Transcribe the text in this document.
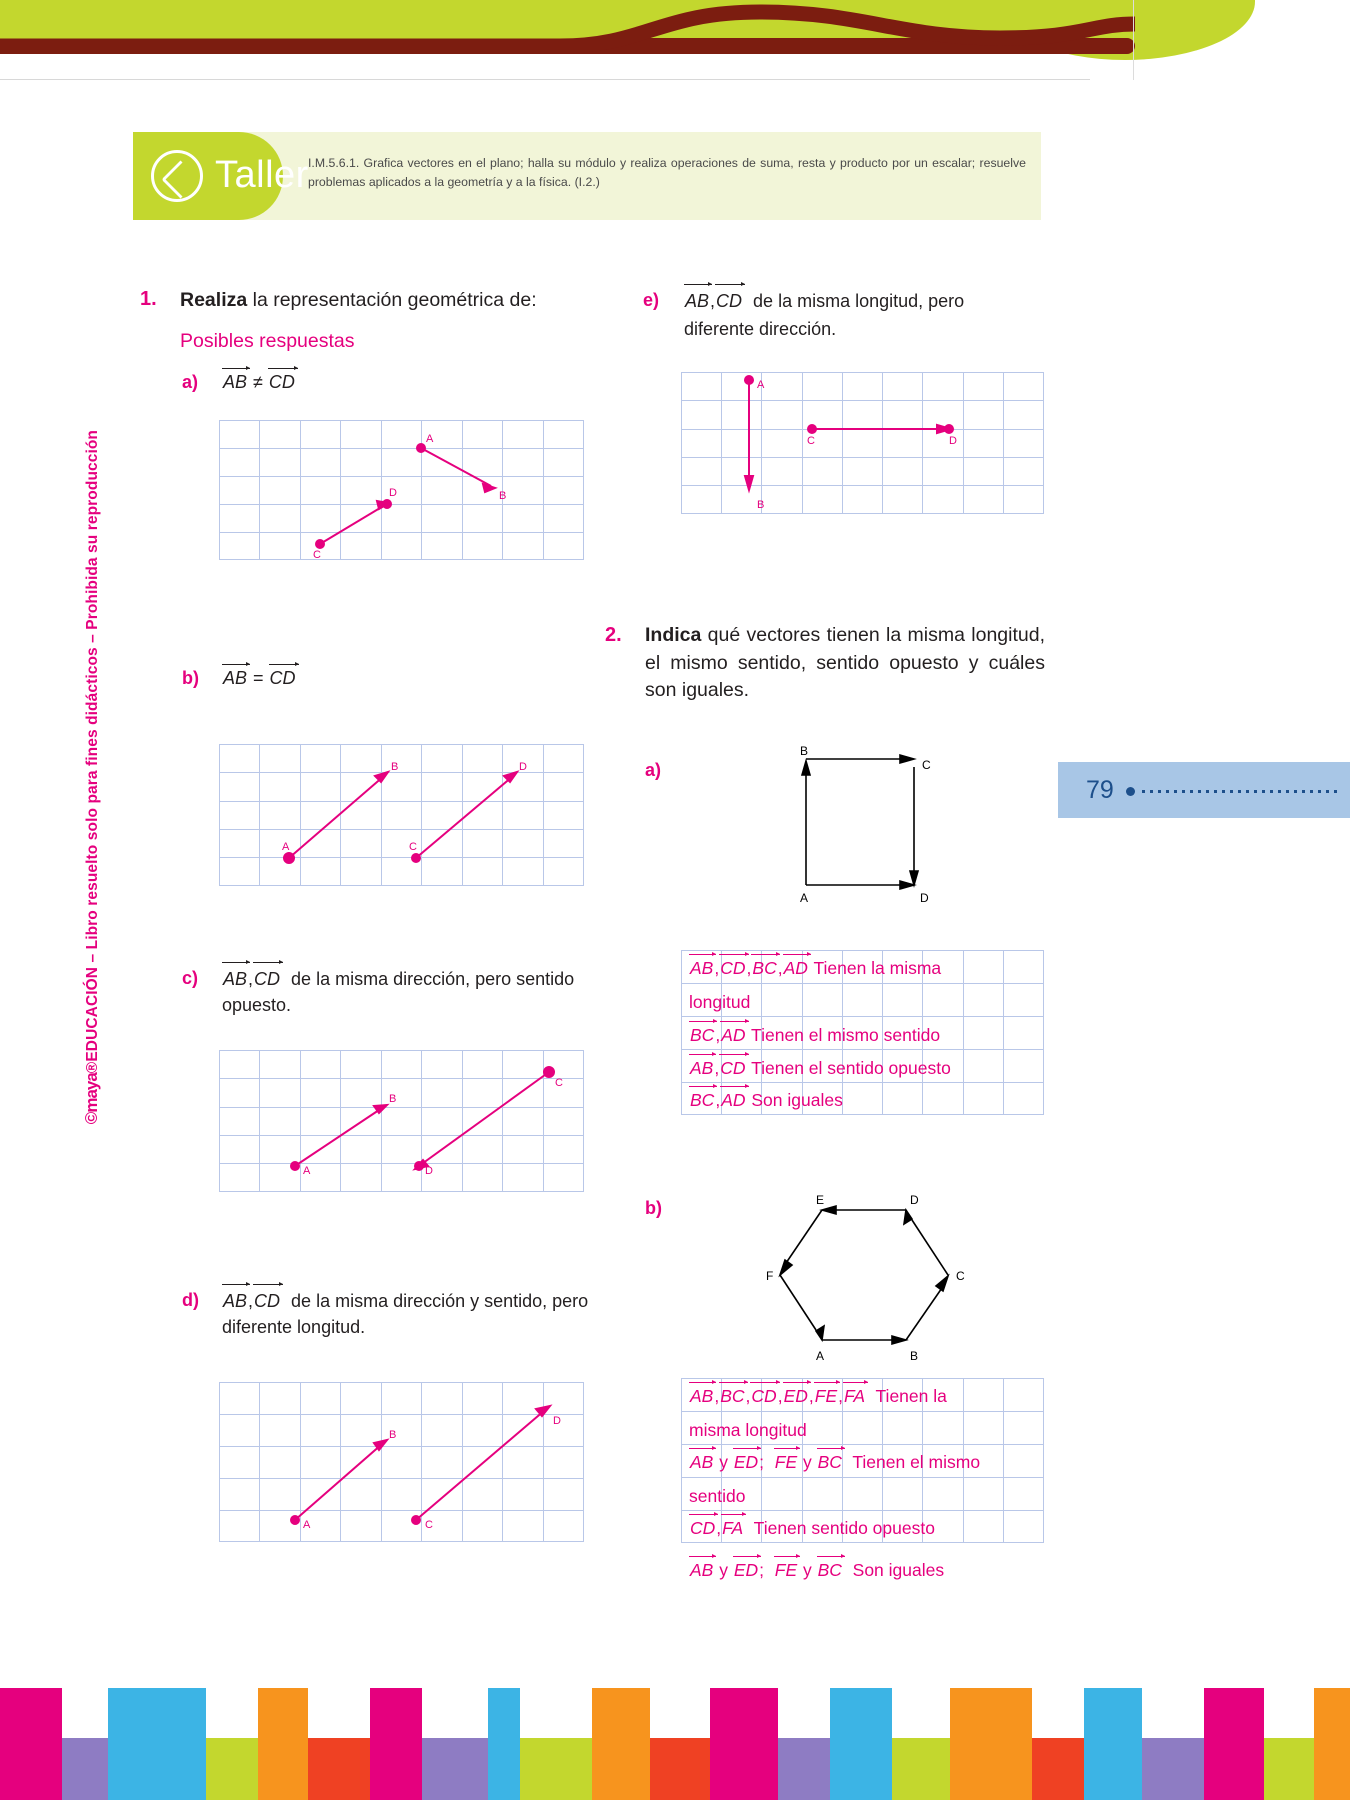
©maya®EDUCACIÓN – Libro resuelto solo para fines didácticos – Prohibida su reproducción
Taller I.M.5.6.1. Grafica vectores en el plano; halla su módulo y realiza operaciones de suma, resta y producto por un escalar; resuelve problemas aplicados a la geometría y a la física. (I.2.)
1. Realiza la representación geométrica de:
Posibles respuestas
a) AB ≠ CD
A
B
C
D
b) AB = CD
A
B
C
D
c) AB,CD de la misma dirección, pero sentido opuesto.
B
C
A	D
d) AB,CD de la misma dirección y sentido, pero diferente longitud.
B
D
A	C
e) AB,CD de la misma longitud, pero diferente dirección.
A
B
C	D
2. Indica qué vectores tienen la misma longitud, el mismo sentido, sentido opuesto y cuáles son iguales.
a)
B
C
A	D
AB,CD,BC,AD Tienen la misma
longitud
BC,AD Tienen el mismo sentido
AB,CD Tienen el sentido opuesto
BC,AD Son iguales
b)	E	D
F	C
A	B
AB,BC,CD,ED,FE,FA Tienen la
misma longitud
AB y ED;  FE y BC Tienen el mismo
sentido
CD,FA Tienen sentido opuesto
AB y ED;  FE y BC Son iguales
79
